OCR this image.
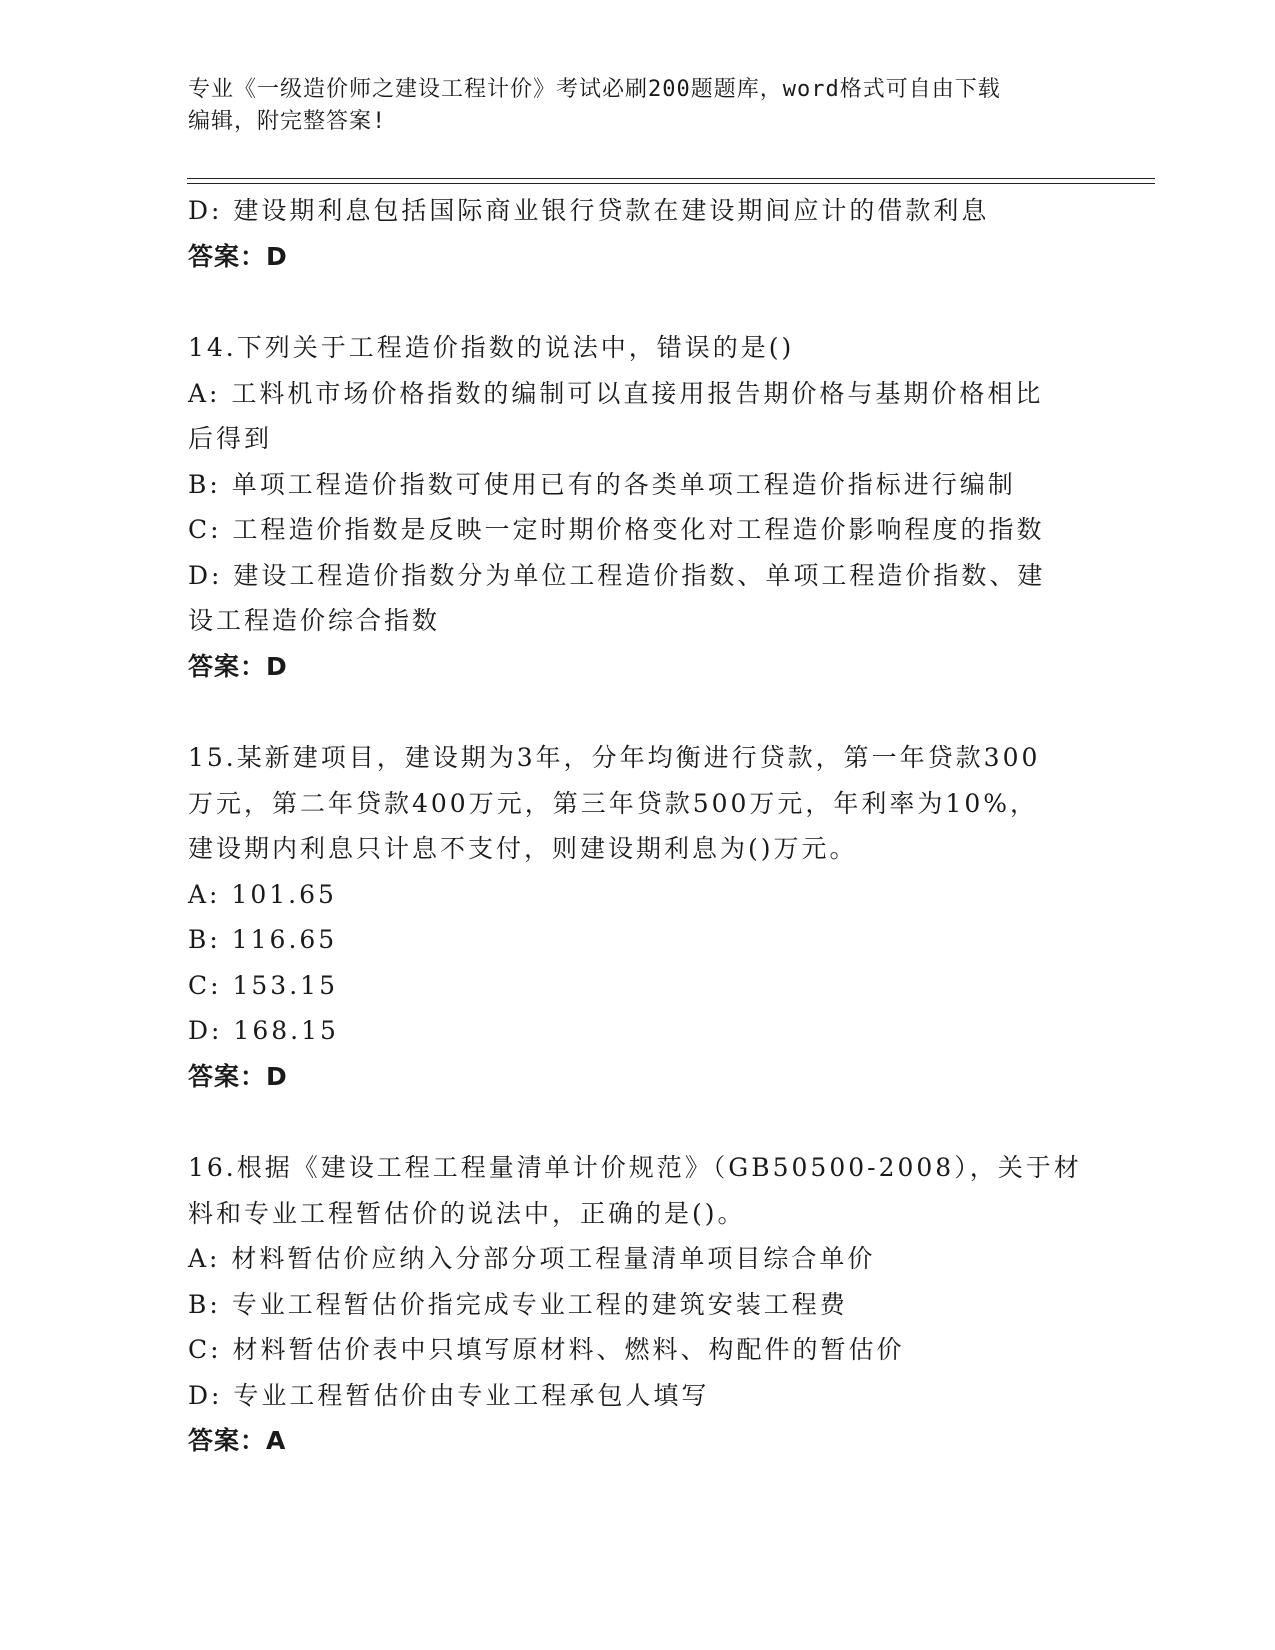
专业《一级造价师之建设工程计价》考试必刷200题题库，word格式可自由下载
编辑，附完整答案!
D: 建设期利息包括国际商业银行贷款在建设期间应计的借款利息
答案：D
14.下列关于工程造价指数的说法中，错误的是()
A: 工料机市场价格指数的编制可以直接用报告期价格与基期价格相比
后得到
B: 单项工程造价指数可使用已有的各类单项工程造价指标进行编制
C: 工程造价指数是反映一定时期价格变化对工程造价影响程度的指数
D: 建设工程造价指数分为单位工程造价指数、单项工程造价指数、建
设工程造价综合指数
答案：D
15.某新建项目，建设期为3年，分年均衡进行贷款，第一年贷款300
万元，第二年贷款400万元，第三年贷款500万元，年利率为10%，
建设期内利息只计息不支付，则建设期利息为()万元。
A: 101.65
B: 116.65
C: 153.15
D: 168.15
答案：D
16.根据《建设工程工程量清单计价规范》（GB50500-2008），关于材
料和专业工程暂估价的说法中，正确的是()。
A: 材料暂估价应纳入分部分项工程量清单项目综合单价
B: 专业工程暂估价指完成专业工程的建筑安装工程费
C: 材料暂估价表中只填写原材料、燃料、构配件的暂估价
D: 专业工程暂估价由专业工程承包人填写
答案：A
